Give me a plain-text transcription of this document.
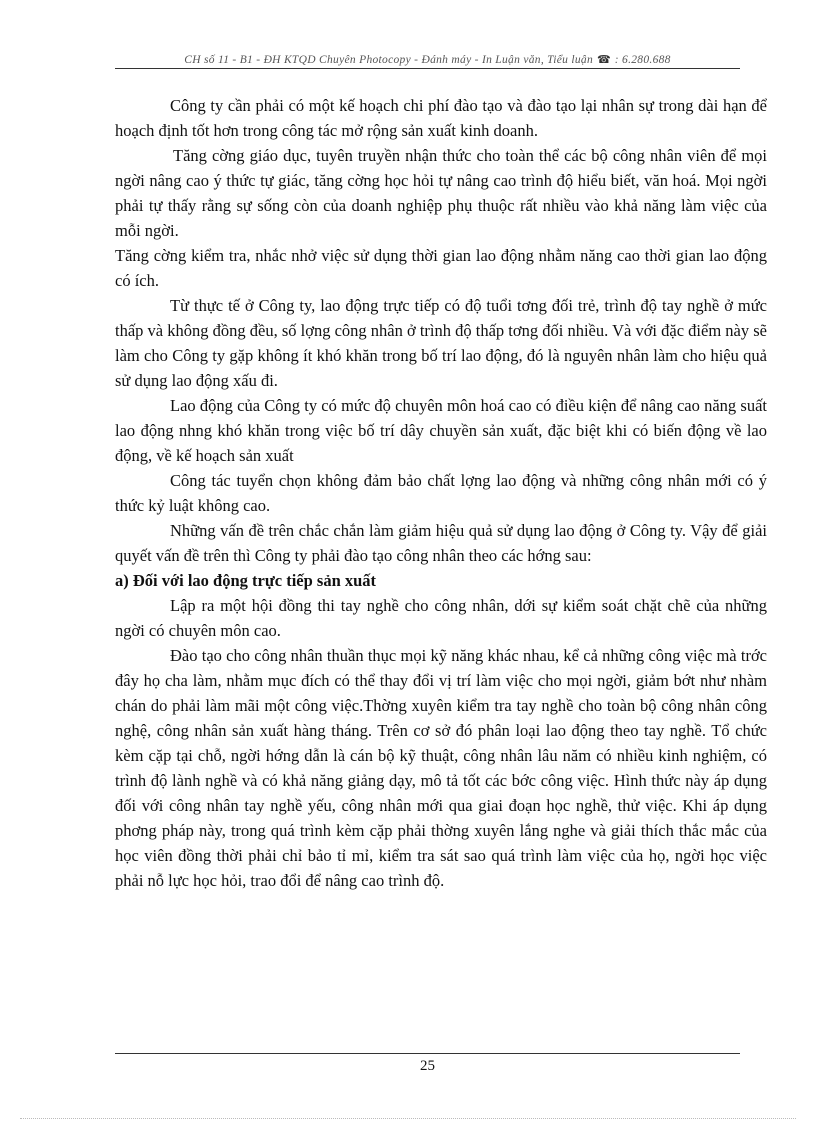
CH số 11 - B1 - ĐH KTQD Chuyên Photocopy - Đánh máy - In Luận văn, Tiểu luận ☎ : 6.280.688

Công ty cần phải có một kế hoạch chi phí đào tạo và đào tạo lại nhân sự trong dài hạn để hoạch định tốt hơn trong công tác mở rộng sản xuất kinh doanh.

Tăng cờng giáo dục, tuyên truyền nhận thức cho toàn thể các bộ công nhân viên để mọi ngời nâng cao ý thức tự giác, tăng cờng học hỏi tự nâng cao trình độ hiểu biết, văn hoá. Mọi ngời phải tự thấy rằng sự sống còn của doanh nghiệp phụ thuộc rất nhiều vào khả năng làm việc của mỗi ngời.

Tăng cờng kiểm tra, nhắc nhở việc sử dụng thời gian lao động nhằm năng cao thời gian lao động có ích.

Từ thực tế ở Công ty, lao động trực tiếp có độ tuổi tơng đối trẻ, trình độ tay nghề ở mức thấp và không đồng đều, số lợng công nhân ở trình độ thấp tơng đối nhiều. Và với đặc điểm này sẽ làm cho Công ty gặp không ít khó khăn trong bố trí lao động, đó là nguyên nhân làm cho hiệu quả sử dụng lao động xấu đi.

Lao động của Công ty có mức độ chuyên môn hoá cao có điều kiện để nâng cao năng suất lao động nhng khó khăn trong việc bố trí dây chuyền sản xuất, đặc biệt khi có biến động về lao động, về kế hoạch sản xuất

Công tác tuyển chọn không đảm bảo chất lợng lao động và những công nhân mới có ý thức kỷ luật không cao.

Những vấn đề trên chắc chắn làm giảm hiệu quả sử dụng lao động ở Công ty. Vậy để giải quyết vấn đề trên thì Công ty phải đào tạo công nhân theo các hớng sau:

a) Đối với lao động trực tiếp sản xuất

Lập ra một hội đồng thi tay nghề cho công nhân, dới sự kiểm soát chặt chẽ của những ngời có chuyên môn cao.

Đào tạo cho công nhân thuần thục mọi kỹ năng khác nhau, kể cả những công việc mà trớc đây họ cha làm, nhằm mục đích có thể thay đổi vị trí làm việc cho mọi ngời, giảm bớt như nhàm chán do phải làm mãi một công việc.Thờng xuyên kiểm tra tay nghề cho toàn bộ công nhân công nghệ, công nhân sản xuất hàng tháng. Trên cơ sở đó phân loại lao động theo tay nghề. Tổ chức kèm cặp tại chỗ, ngời hớng dẫn là cán bộ kỹ thuật, công nhân lâu năm có nhiều kinh nghiệm, có trình độ lành nghề và có khả năng giảng dạy, mô tả tốt các bớc công việc. Hình thức này áp dụng đối với công nhân tay nghề yếu, công nhân mới qua giai đoạn học nghề, thử việc. Khi áp dụng phơng pháp này, trong quá trình kèm cặp phải thờng xuyên lắng nghe và giải thích thắc mắc của học viên đồng thời phải chỉ bảo tỉ mỉ, kiểm tra sát sao quá trình làm việc của họ, ngời học việc phải nỗ lực học hỏi, trao đổi để nâng cao trình độ.

25
